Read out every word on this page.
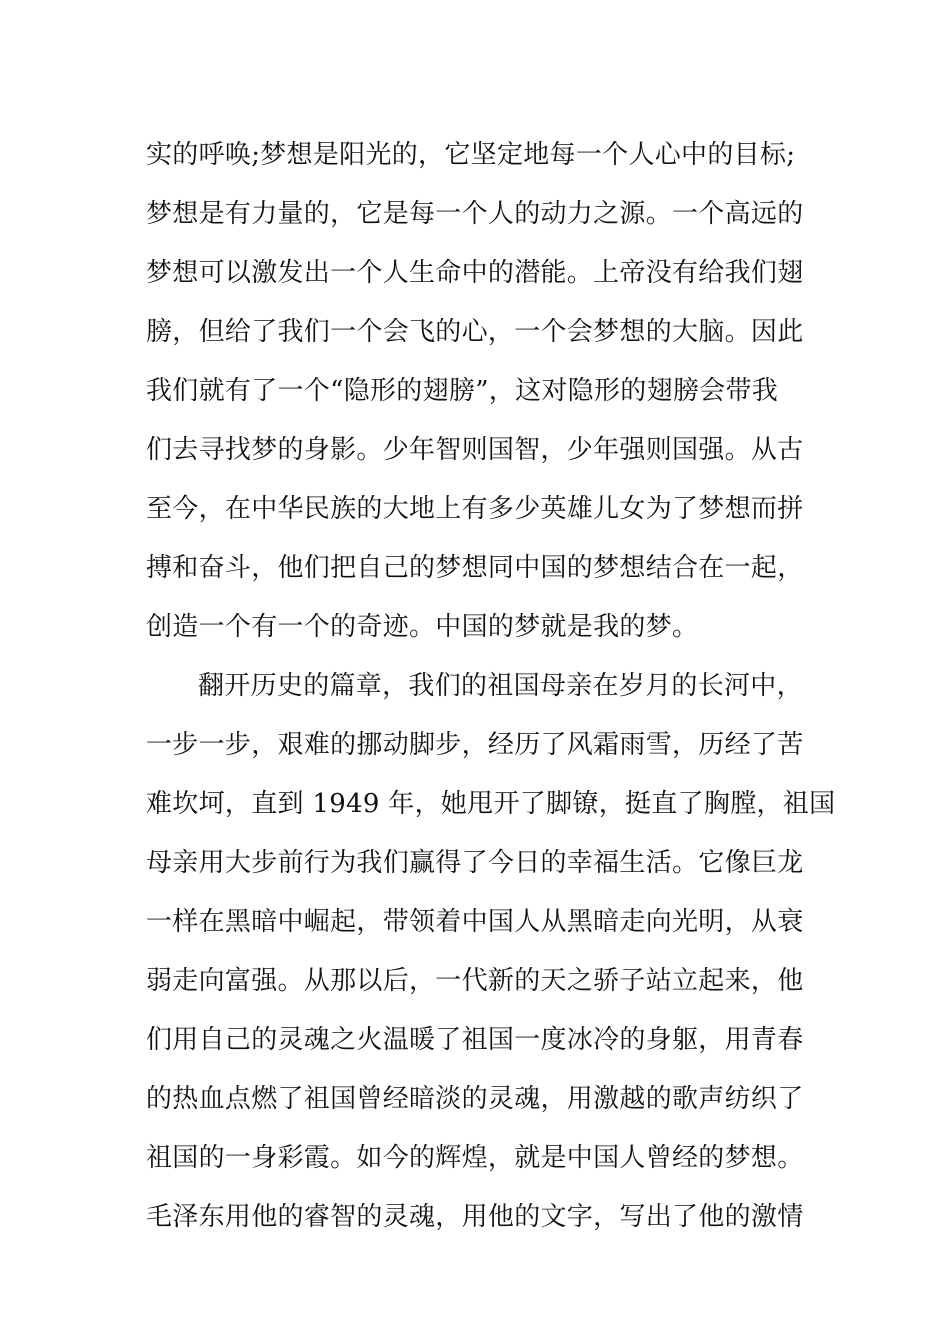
实的呼唤;梦想是阳光的，它坚定地每一个人心中的目标;
梦想是有力量的，它是每一个人的动力之源。一个高远的
梦想可以激发出一个人生命中的潜能。上帝没有给我们翅
膀，但给了我们一个会飞的心，一个会梦想的大脑。因此
我们就有了一个“隐形的翅膀”，这对隐形的翅膀会带我
们去寻找梦的身影。少年智则国智，少年强则国强。从古
至今，在中华民族的大地上有多少英雄儿女为了梦想而拼
搏和奋斗，他们把自己的梦想同中国的梦想结合在一起，
创造一个有一个的奇迹。中国的梦就是我的梦。
翻开历史的篇章，我们的祖国母亲在岁月的长河中，
一步一步，艰难的挪动脚步，经历了风霜雨雪，历经了苦
难坎坷，直到 1949 年，她甩开了脚镣，挺直了胸膛，祖国
母亲用大步前行为我们赢得了今日的幸福生活。它像巨龙
一样在黑暗中崛起，带领着中国人从黑暗走向光明，从衰
弱走向富强。从那以后，一代新的天之骄子站立起来，他
们用自己的灵魂之火温暖了祖国一度冰冷的身躯，用青春
的热血点燃了祖国曾经暗淡的灵魂，用激越的歌声纺织了
祖国的一身彩霞。如今的辉煌，就是中国人曾经的梦想。
毛泽东用他的睿智的灵魂，用他的文字，写出了他的激情
